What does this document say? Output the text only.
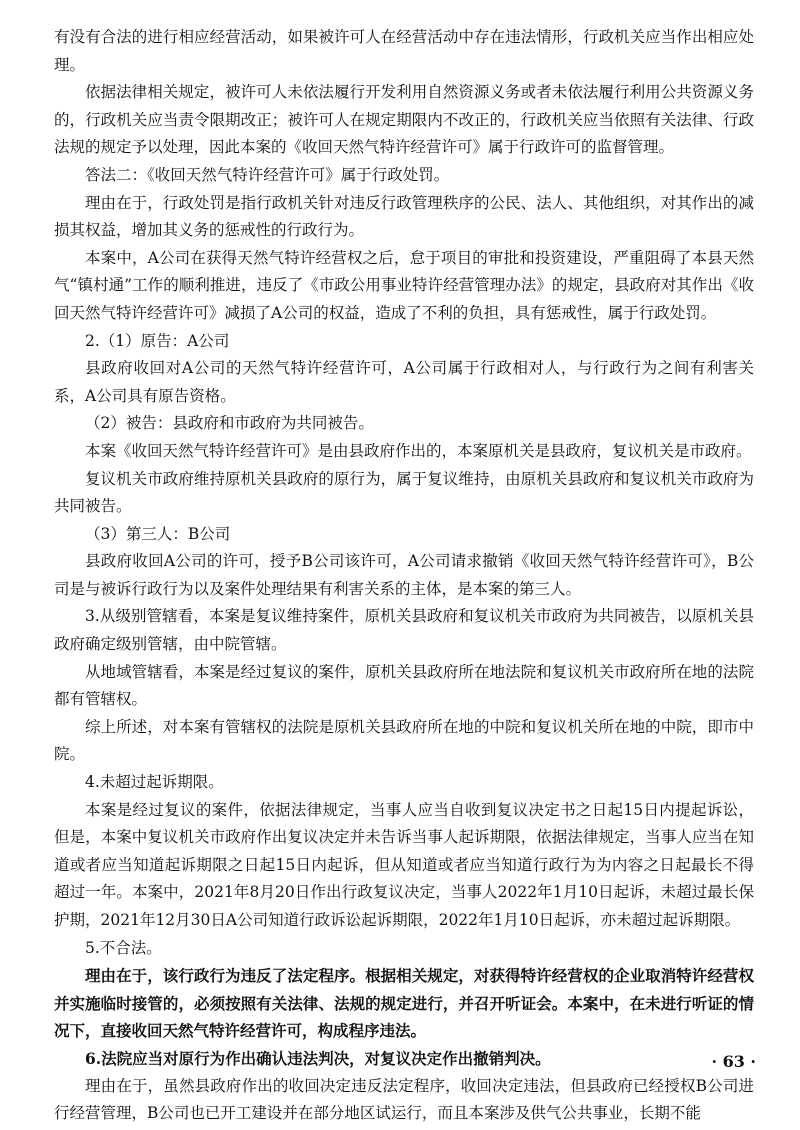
有没有合法的进行相应经营活动，如果被许可人在经营活动中存在违法情形，行政机关应当作出相应处理。

依据法律相关规定，被许可人未依法履行开发利用自然资源义务或者未依法履行利用公共资源义务的，行政机关应当责令限期改正；被许可人在规定期限内不改正的，行政机关应当依照有关法律、行政法规的规定予以处理，因此本案的《收回天然气特许经营许可》属于行政许可的监督管理。

答法二：《收回天然气特许经营许可》属于行政处罚。

理由在于，行政处罚是指行政机关针对违反行政管理秩序的公民、法人、其他组织，对其作出的减损其权益，增加其义务的惩戒性的行政行为。

本案中，A公司在获得天然气特许经营权之后，怠于项目的审批和投资建设，严重阻碍了本县天然气“镇村通”工作的顺利推进，违反了《市政公用事业特许经营管理办法》的规定，县政府对其作出《收回天然气特许经营许可》减损了A公司的权益，造成了不利的负担，具有惩戒性，属于行政处罚。

2.（1）原告：A公司

县政府收回对A公司的天然气特许经营许可，A公司属于行政相对人，与行政行为之间有利害关系，A公司具有原告资格。

（2）被告：县政府和市政府为共同被告。

本案《收回天然气特许经营许可》是由县政府作出的，本案原机关是县政府，复议机关是市政府。

复议机关市政府维持原机关县政府的原行为，属于复议维持，由原机关县政府和复议机关市政府为共同被告。

（3）第三人：B公司

县政府收回A公司的许可，授予B公司该许可，A公司请求撤销《收回天然气特许经营许可》，B公司是与被诉行政行为以及案件处理结果有利害关系的主体，是本案的第三人。

3.从级别管辖看，本案是复议维持案件，原机关县政府和复议机关市政府为共同被告，以原机关县政府确定级别管辖，由中院管辖。

从地域管辖看，本案是经过复议的案件，原机关县政府所在地法院和复议机关市政府所在地的法院都有管辖权。

综上所述，对本案有管辖权的法院是原机关县政府所在地的中院和复议机关所在地的中院，即市中院。

4.未超过起诉期限。

本案是经过复议的案件，依据法律规定，当事人应当自收到复议决定书之日起15日内提起诉讼，但是，本案中复议机关市政府作出复议决定并未告诉当事人起诉期限，依据法律规定，当事人应当在知道或者应当知道起诉期限之日起15日内起诉，但从知道或者应当知道行政行为为内容之日起最长不得超过一年。本案中，2021年8月20日作出行政复议决定，当事人2022年1月10日起诉，未超过最长保护期，2021年12月30日A公司知道行政诉讼起诉期限，2022年1月10日起诉，亦未超过起诉期限。

5.不合法。

理由在于，该行政行为违反了法定程序。根据相关规定，对获得特许经营权的企业取消特许经营权并实施临时接管的，必须按照有关法律、法规的规定进行，并召开听证会。本案中，在未进行听证的情况下，直接收回天然气特许经营许可，构成程序违法。

6.法院应当对原行为作出确认违法判决，对复议决定作出撤销判决。

理由在于，虽然县政府作出的收回决定违反法定程序，收回决定违法，但县政府已经授权B公司进行经营管理，B公司也已开工建设并在部分地区试运行，而且本案涉及供气公共事业，长期不能

· 63 ·
